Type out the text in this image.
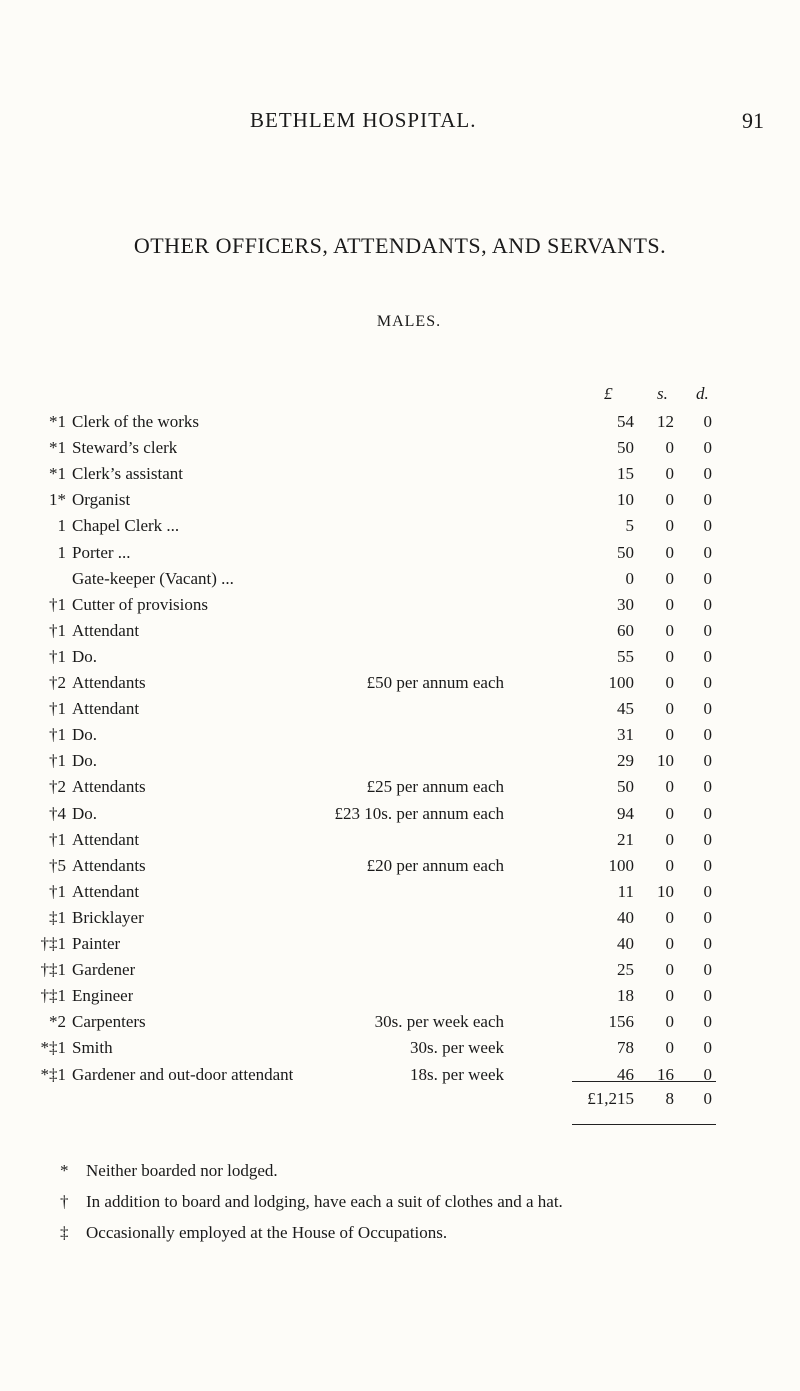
BETHLEM HOSPITAL.	91
OTHER OFFICERS, ATTENDANTS, AND SERVANTS.
MALES.
£	s. d.
*1 Clerk of the works	54	12	0
*1 Steward’s clerk	50	0	0
*1 Clerk’s assistant	15	0	0
1* Organist	10	0	0
1 Chapel Clerk ...	5	0	0
1 Porter ...	50	0	0
Gate-keeper (Vacant) ...	0	0	0
†1 Cutter of provisions	30	0	0
†1 Attendant	60	0	0
†1 Do.	55	0	0
†2 Attendants	£50 per annum each	100	0	0
†1 Attendant	45	0	0
†1 Do.	31	0	0
†1 Do.	29	10	0
†2 Attendants	£25 per annum each	50	0	0
†4 Do.	£23 10s. per annum each	94	0	0
†1 Attendant	21	0	0
†5 Attendants	£20 per annum each	100	0	0
†1 Attendant	11	10	0
‡1 Bricklayer	40	0	0
†‡1 Painter	40	0	0
†‡1 Gardener	25	0	0
†‡1 Engineer	18	0	0
*2 Carpenters	30s. per week each	156	0	0
*‡1 Smith	30s. per week	78	0	0
*‡1 Gardener and out-door attendant	18s. per week	46	16	0
£1,215	8	0
* Neither boarded nor lodged.
† In addition to board and lodging, have each a suit of clothes and a hat.
‡ Occasionally employed at the House of Occupations.
